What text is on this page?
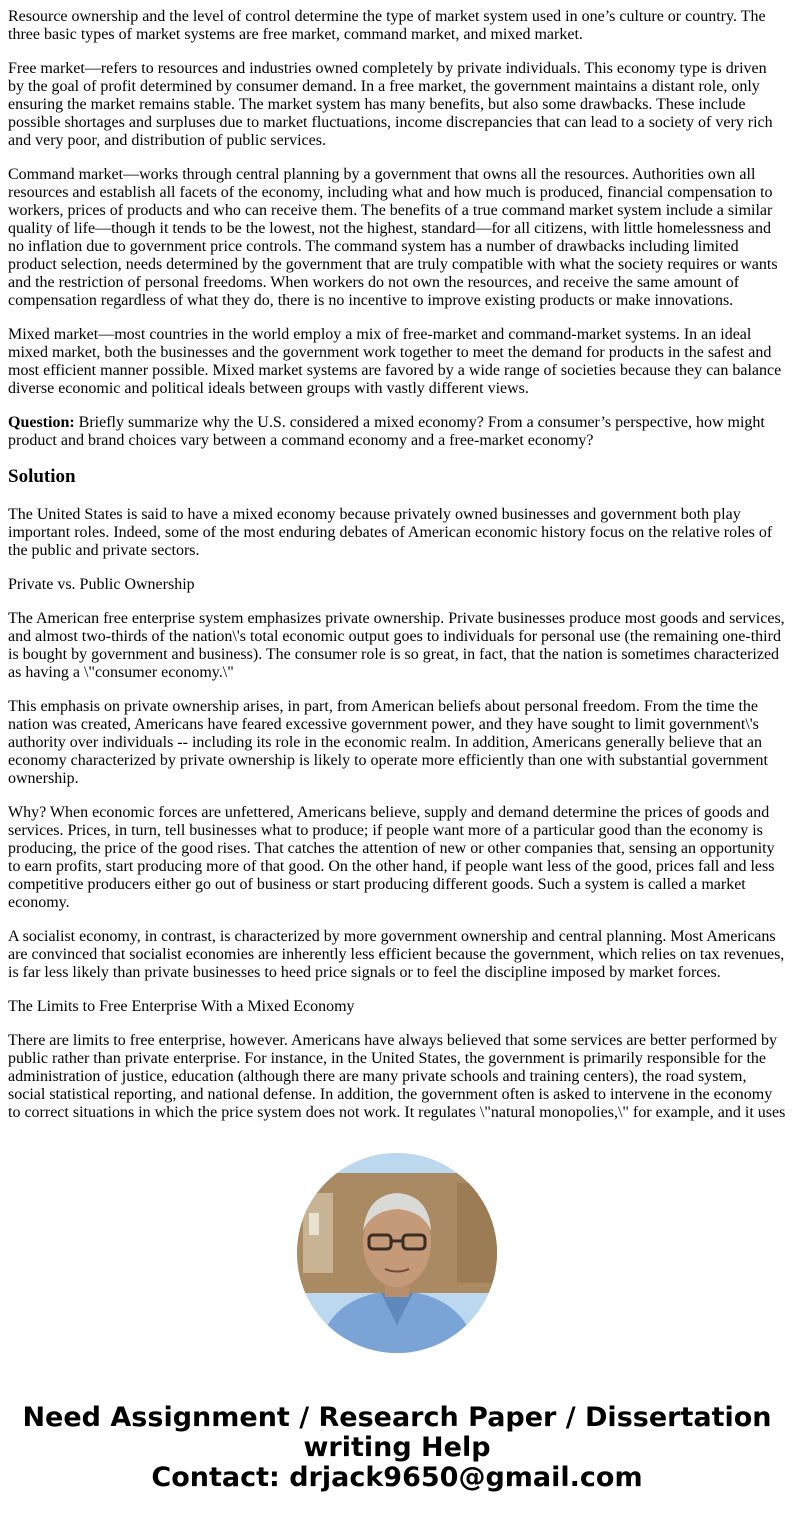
Resource ownership and the level of control determine the type of market system used in one’s culture or country. The three basic types of market systems are free market, command market, and mixed market.

Free market—refers to resources and industries owned completely by private individuals. This economy type is driven by the goal of profit determined by consumer demand. In a free market, the government maintains a distant role, only ensuring the market remains stable. The market system has many benefits, but also some drawbacks. These include possible shortages and surpluses due to market fluctuations, income discrepancies that can lead to a society of very rich and very poor, and distribution of public services.

Command market—works through central planning by a government that owns all the resources. Authorities own all resources and establish all facets of the economy, including what and how much is produced, financial compensation to workers, prices of products and who can receive them. The benefits of a true command market system include a similar quality of life—though it tends to be the lowest, not the highest, standard—for all citizens, with little homelessness and no inflation due to government price controls. The command system has a number of drawbacks including limited product selection, needs determined by the government that are truly compatible with what the society requires or wants and the restriction of personal freedoms. When workers do not own the resources, and receive the same amount of compensation regardless of what they do, there is no incentive to improve existing products or make innovations.

Mixed market—most countries in the world employ a mix of free-market and command-market systems. In an ideal mixed market, both the businesses and the government work together to meet the demand for products in the safest and most efficient manner possible. Mixed market systems are favored by a wide range of societies because they can balance diverse economic and political ideals between groups with vastly different views.

Question: Briefly summarize why the U.S. considered a mixed economy? From a consumer’s perspective, how might product and brand choices vary between a command economy and a free-market economy?

Solution

The United States is said to have a mixed economy because privately owned businesses and government both play important roles. Indeed, some of the most enduring debates of American economic history focus on the relative roles of the public and private sectors.

Private vs. Public Ownership

The American free enterprise system emphasizes private ownership. Private businesses produce most goods and services, and almost two-thirds of the nation\'s total economic output goes to individuals for personal use (the remaining one-third is bought by government and business). The consumer role is so great, in fact, that the nation is sometimes characterized as having a \"consumer economy.\"

This emphasis on private ownership arises, in part, from American beliefs about personal freedom. From the time the nation was created, Americans have feared excessive government power, and they have sought to limit government\'s authority over individuals -- including its role in the economic realm. In addition, Americans generally believe that an economy characterized by private ownership is likely to operate more efficiently than one with substantial government ownership.

Why? When economic forces are unfettered, Americans believe, supply and demand determine the prices of goods and services. Prices, in turn, tell businesses what to produce; if people want more of a particular good than the economy is producing, the price of the good rises. That catches the attention of new or other companies that, sensing an opportunity to earn profits, start producing more of that good. On the other hand, if people want less of the good, prices fall and less competitive producers either go out of business or start producing different goods. Such a system is called a market economy.

A socialist economy, in contrast, is characterized by more government ownership and central planning. Most Americans are convinced that socialist economies are inherently less efficient because the government, which relies on tax revenues, is far less likely than private businesses to heed price signals or to feel the discipline imposed by market forces.

The Limits to Free Enterprise With a Mixed Economy

There are limits to free enterprise, however. Americans have always believed that some services are better performed by public rather than private enterprise. For instance, in the United States, the government is primarily responsible for the administration of justice, education (although there are many private schools and training centers), the road system, social statistical reporting, and national defense. In addition, the government often is asked to intervene in the economy to correct situations in which the price system does not work. It regulates \"natural monopolies,\" for example, and it uses

Need Assignment / Research Paper / Dissertation
writing Help
Contact: drjack9650@gmail.com
